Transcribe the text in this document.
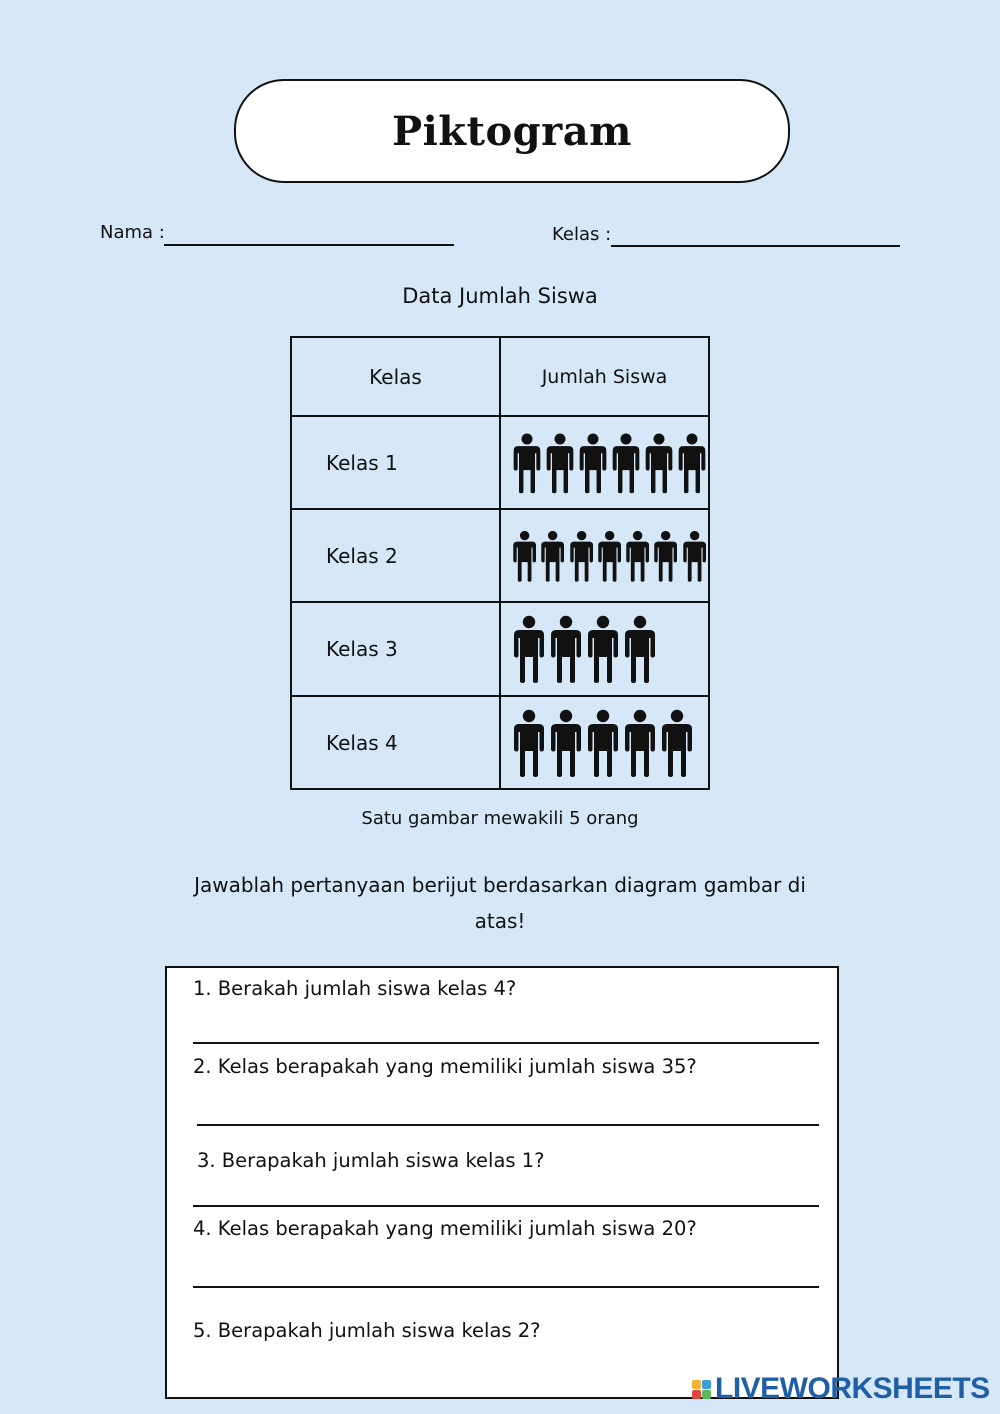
Piktogram
Nama :	Kelas :
Data Jumlah Siswa
Kelas	Jumlah Siswa
Kelas 1	

Kelas 2	

Kelas 3	

Kelas 4	
Satu gambar mewakili 5 orang
Jawablah pertanyaan berijut berdasarkan diagram gambar di atas!
1. Berakah jumlah siswa kelas 4?
2. Kelas berapakah yang memiliki jumlah siswa 35?
3. Berapakah jumlah siswa kelas 1?
4. Kelas berapakah yang memiliki jumlah siswa 20?
5. Berapakah jumlah siswa kelas 2?
LIVEWORKSHEETS
